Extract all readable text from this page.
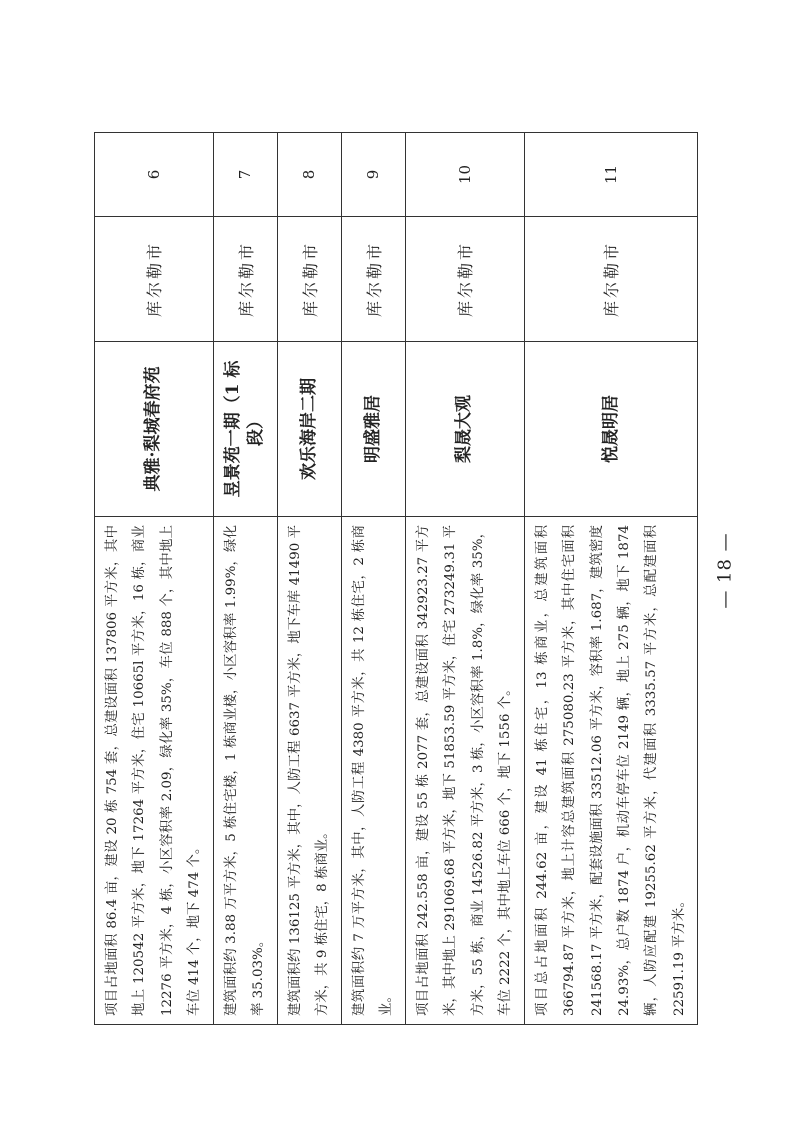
项目占地面积 86.4 亩，建设 20 栋 754 套，总建设面积 137806 平方米，其中地上 120542 平方米，地下 17264 平方米，住宅 10665l 平方米，16 栋，商业 12276 平方米，4 栋，小区容积率 2.09，绿化率 35%，车位 888 个，其中地上车位 414 个，地下 474 个。	典雅·梨城春府苑	库尔勒市	6
建筑面积约 3.88 万平方米，5 栋住宅楼，1 栋商业楼，小区容积率 1.99%，绿化率 35.03%。	昱景苑一期（1 标段）	库尔勒市	7
建筑面积约 136125 平方米，其中，人防工程 6637 平方米，地下车库 41490 平方米，共 9 栋住宅，8 栋商业。	欢乐海岸二期	库尔勒市	8
建筑面积约 7 万平方米，其中，人防工程 4380 平方米，共 12 栋住宅，2 栋商业。	明盛雅居	库尔勒市	9
项目占地面积 242.558 亩，建设 55 栋 2077 套，总建设面积 342923.27 平方米，其中地上 291069.68 平方米，地下 51853.59 平方米，住宅 273249.31 平方米，55 栋，商业 14526.82 平方米，3 栋，小区容积率 1.8%，绿化率 35%，车位 2222 个，其中地上车位 666 个，地下 1556 个。	梨晟大观	库尔勒市	10
项目总占地面积 244.62 亩，建设 41 栋住宅，13 栋商业，总建筑面积 366794.87 平方米，地上计容总建筑面积 275080.23 平方米，其中住宅面积 241568.17 平方米，配套设施面积 33512.06 平方米，容积率 1.687，建筑密度 24.93%，总户数 1874 户，机动车停车位 2149 辆，地上 275 辆，地下 1874 辆，人防应配建 19255.62 平方米，代建面积 3335.57 平方米，总配建面积 22591.19 平方米。	悦晟明居	库尔勒市	11
— 18 —
